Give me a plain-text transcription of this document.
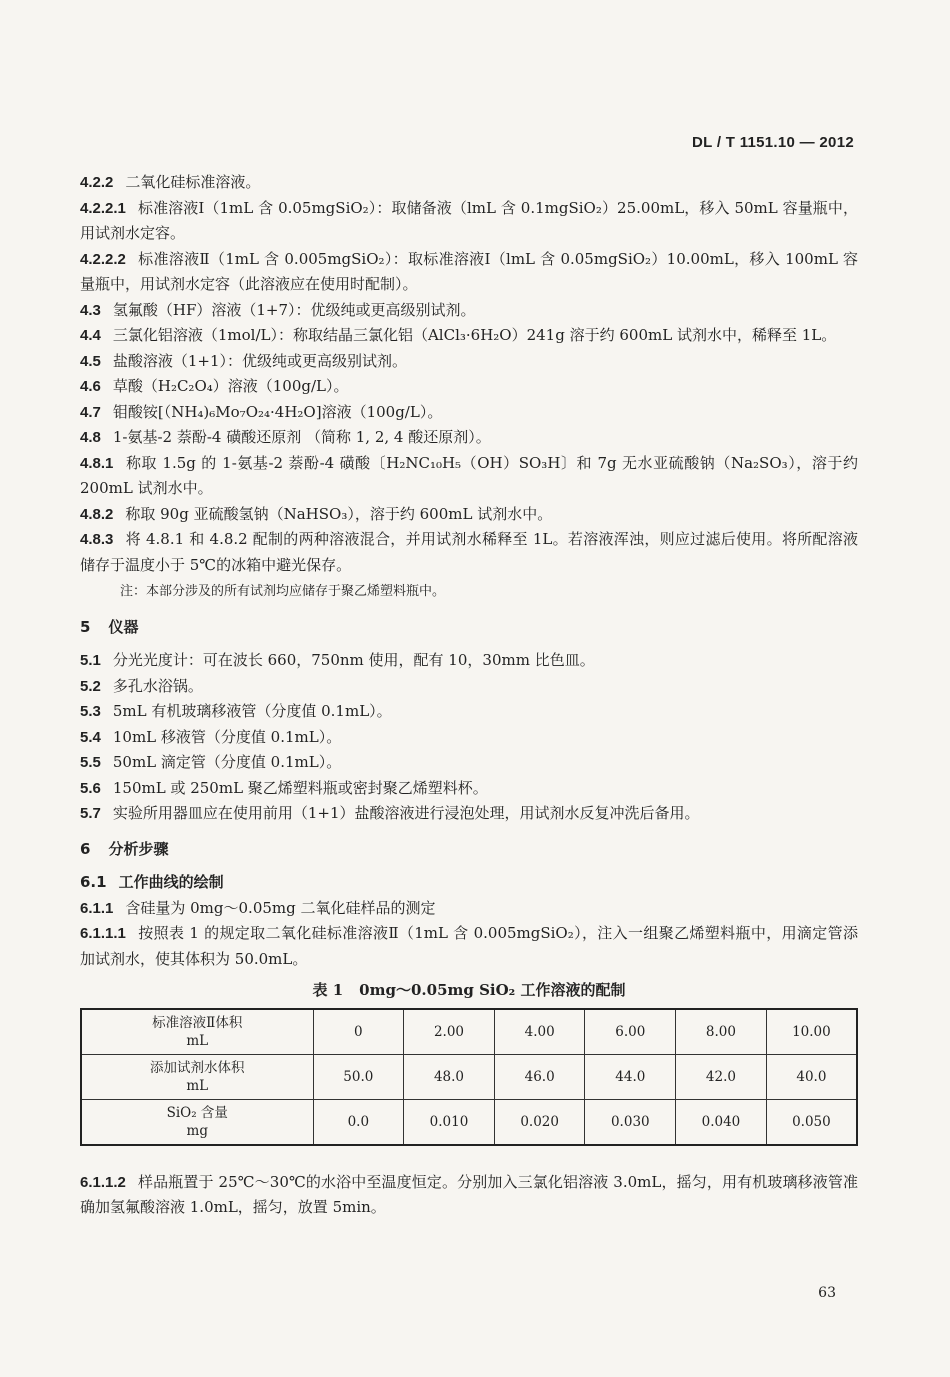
DL / T 1151.10 — 2012

4.2.2 二氧化硅标准溶液。

4.2.2.1 标准溶液Ⅰ（1mL 含 0.05mgSiO₂）：取储备液（lmL 含 0.1mgSiO₂）25.00mL，移入 50mL 容量瓶中，用试剂水定容。

4.2.2.2 标准溶液Ⅱ（1mL 含 0.005mgSiO₂）：取标准溶液Ⅰ（lmL 含 0.05mgSiO₂）10.00mL，移入 100mL 容量瓶中，用试剂水定容（此溶液应在使用时配制）。

4.3 氢氟酸（HF）溶液（1+7）：优级纯或更高级别试剂。

4.4 三氯化铝溶液（1mol/L）：称取结晶三氯化铝（AlCl₃·6H₂O）241g 溶于约 600mL 试剂水中，稀释至 1L。

4.5 盐酸溶液（1+1）：优级纯或更高级别试剂。

4.6 草酸（H₂C₂O₄）溶液（100g/L）。

4.7 钼酸铵[（NH₄)₆Mo₇O₂₄·4H₂O]溶液（100g/L）。

4.8 1-氨基-2 萘酚-4 磺酸还原剂 （简称 1, 2, 4 酸还原剂）。

4.8.1 称取 1.5g 的 1-氨基-2 萘酚-4 磺酸〔H₂NC₁₀H₅（OH）SO₃H〕和 7g 无水亚硫酸钠（Na₂SO₃），溶于约 200mL 试剂水中。

4.8.2 称取 90g 亚硫酸氢钠（NaHSO₃），溶于约 600mL 试剂水中。

4.8.3 将 4.8.1 和 4.8.2 配制的两种溶液混合，并用试剂水稀释至 1L。若溶液浑浊，则应过滤后使用。将所配溶液储存于温度小于 5℃的冰箱中避光保存。

注：本部分涉及的所有试剂均应储存于聚乙烯塑料瓶中。

5 仪器

5.1 分光光度计：可在波长 660，750nm 使用，配有 10，30mm 比色皿。

5.2 多孔水浴锅。

5.3 5mL 有机玻璃移液管（分度值 0.1mL）。

5.4 10mL 移液管（分度值 0.1mL）。

5.5 50mL 滴定管（分度值 0.1mL）。

5.6 150mL 或 250mL 聚乙烯塑料瓶或密封聚乙烯塑料杯。

5.7 实验所用器皿应在使用前用（1+1）盐酸溶液进行浸泡处理，用试剂水反复冲洗后备用。

6 分析步骤
6.1 工作曲线的绘制

6.1.1 含硅量为 0mg～0.05mg 二氧化硅样品的测定

6.1.1.1 按照表 1 的规定取二氧化硅标准溶液Ⅱ（1mL 含 0.005mgSiO₂），注入一组聚乙烯塑料瓶中，用滴定管添加试剂水，使其体积为 50.0mL。

表 1 0mg～0.05mg SiO₂ 工作溶液的配制
标准溶液Ⅱ体积
mL	0	2.00	4.00	6.00	8.00	10.00

添加试剂水体积
mL	50.0	48.0	46.0	44.0	42.0	40.0

SiO₂ 含量
mg	0.0	0.010	0.020	0.030	0.040	0.050

6.1.1.2 样品瓶置于 25℃～30℃的水浴中至温度恒定。分别加入三氯化铝溶液 3.0mL，摇匀，用有机玻璃移液管准确加氢氟酸溶液 1.0mL，摇匀，放置 5min。

63
